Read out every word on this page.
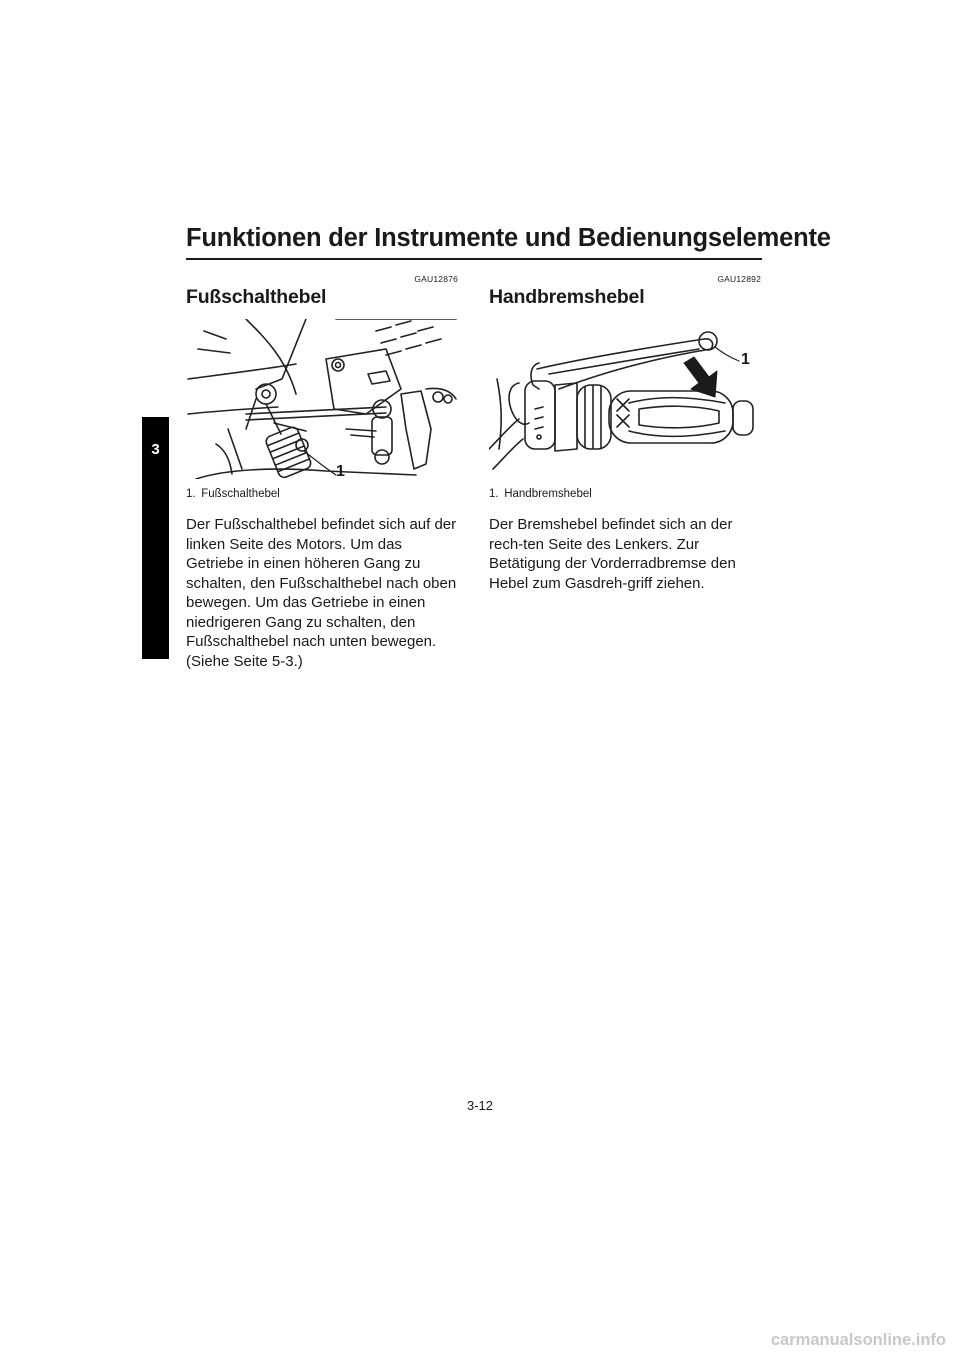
Funktionen der Instrumente und Bedienungselemente
3
GAU12876
Fußschalthebel
1
1. Fußschalthebel
Der Fußschalthebel befindet sich auf der linken Seite des Motors. Um das Getriebe in einen höheren Gang zu schalten, den Fußschalthebel nach oben bewegen. Um das Getriebe in einen niedrigeren Gang zu schalten, den Fußschalthebel nach unten bewegen. (Siehe Seite 5-3.)
GAU12892
Handbremshebel
1
1. Handbremshebel
Der Bremshebel befindet sich an der rech-ten Seite des Lenkers. Zur Betätigung der Vorderradbremse den Hebel zum Gasdreh-griff ziehen.
3-12
carmanualsonline.info
